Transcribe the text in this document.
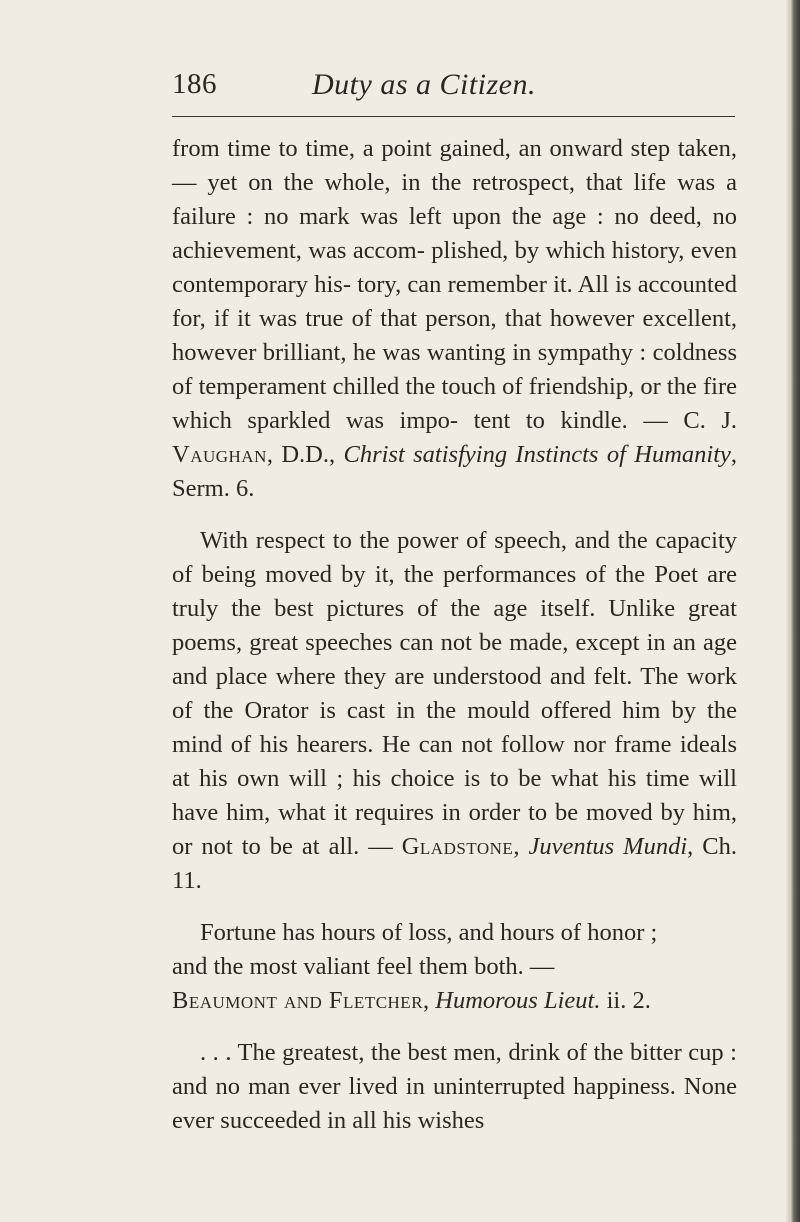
186	Duty as a Citizen.

from time to time, a point gained, an onward step taken, — yet on the whole, in the retrospect, that life was a failure : no mark was left upon the age : no deed, no achievement, was accom- plished, by which history, even contemporary his- tory, can remember it. All is accounted for, if it was true of that person, that however excellent, however brilliant, he was wanting in sympathy : coldness of temperament chilled the touch of friendship, or the fire which sparkled was impo- tent to kindle. — C. J. Vaughan, D.D., Christ satisfying Instincts of Humanity, Serm. 6.

With respect to the power of speech, and the capacity of being moved by it, the performances of the Poet are truly the best pictures of the age itself. Unlike great poems, great speeches can not be made, except in an age and place where they are understood and felt. The work of the Orator is cast in the mould offered him by the mind of his hearers. He can not follow nor frame ideals at his own will ; his choice is to be what his time will have him, what it requires in order to be moved by him, or not to be at all. — Gladstone, Juventus Mundi, Ch. 11.

Fortune has hours of loss, and hours of honor ;
and the most valiant feel them both. —
Beaumont and Fletcher, Humorous Lieut. ii. 2.

. . . The greatest, the best men, drink of the bitter cup : and no man ever lived in uninterrupted happiness. None ever succeeded in all his wishes
